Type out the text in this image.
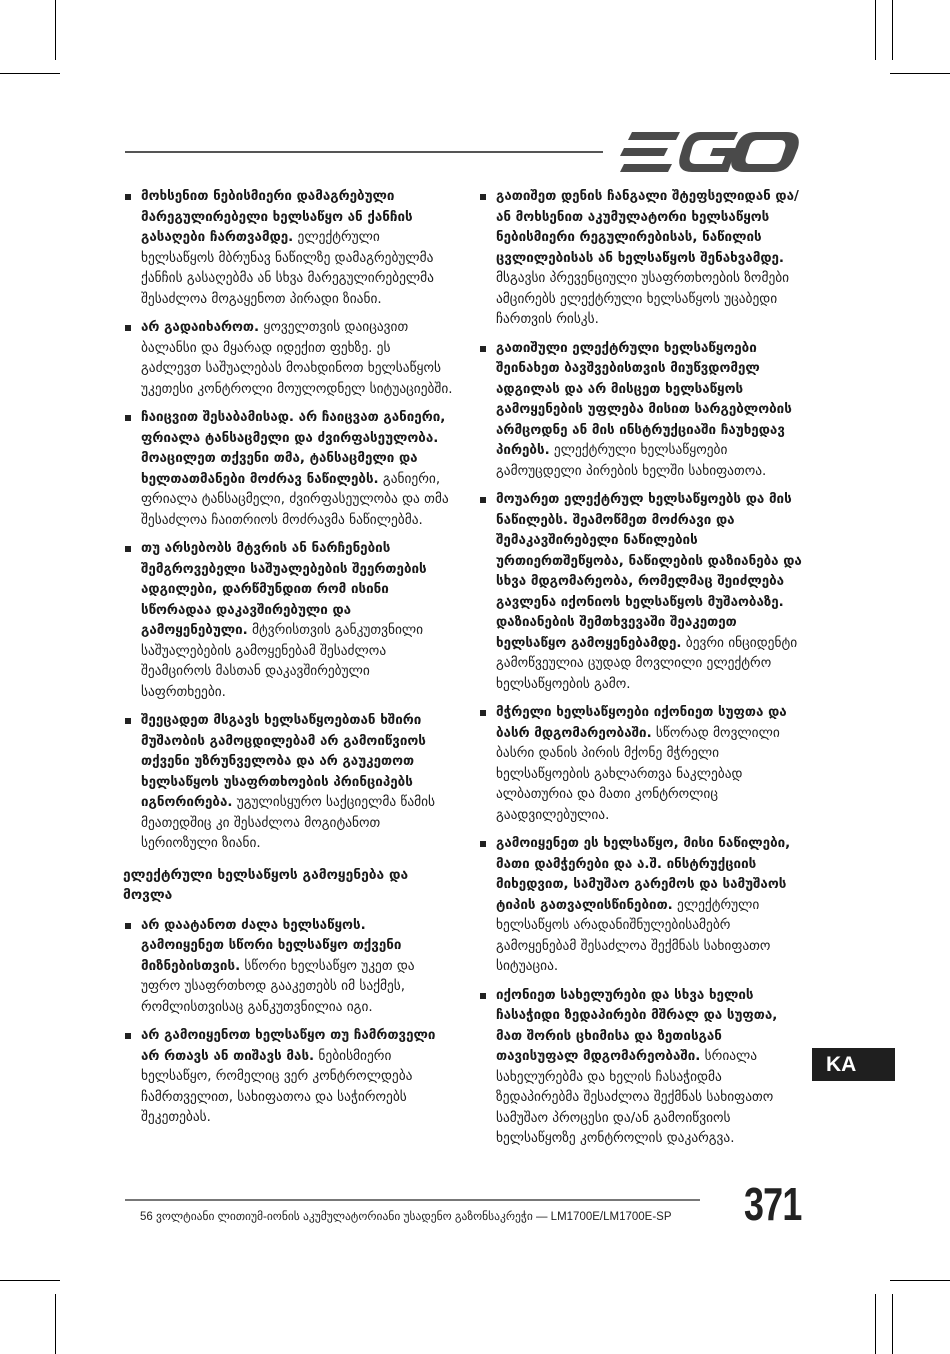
მოხსენით ნებისმიერი დამაგრებული მარეგულირებელი ხელსაწყო ან ქანჩის გასაღები ჩართვამდე. ელექტრული ხელსაწყოს მბრუნავ ნაწილზე დამაგრებულმა ქანჩის გასაღებმა ან სხვა მარეგულირებელმა შესაძლოა მოგაყენოთ პირადი ზიანი.
არ გადაიხაროთ. ყოველთვის დაიცავით ბალანსი და მყარად იდექით ფეხზე. ეს გაძლევთ საშუალებას მოახდინოთ ხელსაწყოს უკეთესი კონტროლი მოულოდნელ სიტუაციებში.
ჩაიცვით შესაბამისად. არ ჩაიცვათ განიერი, ფრიალა ტანსაცმელი და ძვირფასეულობა. მოაცილეთ თქვენი თმა, ტანსაცმელი და ხელთათმანები მოძრავ ნაწილებს. განიერი, ფრიალა ტანსაცმელი, ძვირფასეულობა და თმა შესაძლოა ჩაითრიოს მოძრავმა ნაწილებმა.
თუ არსებობს მტვრის ან ნარჩენების შემგროვებელი საშუალებების შეერთების ადგილები, დარწმუნდით რომ ისინი სწორადაა დაკავშირებული და გამოყენებული. მტვრისთვის განკუთვნილი საშუალებების გამოყენებამ შესაძლოა შეამციროს მასთან დაკავშირებული საფრთხეები.
შეეცადეთ მსგავს ხელსაწყოებთან ხშირი მუშაობის გამოცდილებამ არ გამოიწვიოს თქვენი უზრუნველობა და არ გაუკეთოთ ხელსაწყოს უსაფრთხოების პრინციპებს იგნორირება. უგულისყურო საქციელმა წამის მეათედშიც კი შესაძლოა მოგიტანოთ სერიოზული ზიანი.
ელექტრული ხელსაწყოს გამოყენება და მოვლა
არ დაატანოთ ძალა ხელსაწყოს. გამოიყენეთ სწორი ხელსაწყო თქვენი მიზნებისთვის. სწორი ხელსაწყო უკეთ და უფრო უსაფრთხოდ გააკეთებს იმ საქმეს, რომლისთვისაც განკუთვნილია იგი.
არ გამოიყენოთ ხელსაწყო თუ ჩამრთველი არ რთავს ან თიშავს მას. ნებისმიერი ხელსაწყო, რომელიც ვერ კონტროლდება ჩამრთველით, სახიფათოა და საჭიროებს შეკეთებას.
გათიშეთ დენის ჩანგალი შტეფსელიდან და/ან მოხსენით აკუმულატორი ხელსაწყოს ნებისმიერი რეგულირებისას, ნაწილის ცვლილებისას ან ხელსაწყოს შენახვამდე. მსგავსი პრევენციული უსაფრთხოების ზომები ამცირებს ელექტრული ხელსაწყოს უცაბედი ჩართვის რისკს.
გათიშული ელექტრული ხელსაწყოები შეინახეთ ბავშვებისთვის მიუწვდომელ ადგილას და არ მისცეთ ხელსაწყოს გამოყენების უფლება მისით სარგებლობის არმცოდნე ან მის ინსტრუქციაში ჩაუხედავ პირებს. ელექტრული ხელსაწყოები გამოუცდელი პირების ხელში სახიფათოა.
მოუარეთ ელექტრულ ხელსაწყოებს და მის ნაწილებს. შეამოწმეთ მოძრავი და შემაკავშირებელი ნაწილების ურთიერთშეწყობა, ნაწილების დაზიანება და სხვა მდგომარეობა, რომელმაც შეიძლება გავლენა იქონიოს ხელსაწყოს მუშაობაზე. დაზიანების შემთხვევაში შეაკეთეთ ხელსაწყო გამოყენებამდე. ბევრი ინციდენტი გამოწვეულია ცუდად მოვლილი ელექტრო ხელსაწყოების გამო.
მჭრელი ხელსაწყოები იქონიეთ სუფთა და ბასრ მდგომარეობაში. სწორად მოვლილი ბასრი დანის პირის მქონე მჭრელი ხელსაწყოების გახლართვა ნაკლებად ალბათურია და მათი კონტროლიც გაადვილებულია.
გამოიყენეთ ეს ხელსაწყო, მისი ნაწილები, მათი დამჭერები და ა.შ. ინსტრუქციის მიხედვით, სამუშაო გარემოს და სამუშაოს ტიპის გათვალისწინებით. ელექტრული ხელსაწყოს არადანიშნულებისამებრ გამოყენებამ შესაძლოა შექმნას სახიფათო სიტუაცია.
იქონიეთ სახელურები და სხვა ხელის ჩასაჭიდი ზედაპირები მშრალ და სუფთა, მათ შორის ცხიმისა და ზეთისგან თავისუფალ მდგომარეობაში. სრიალა სახელურებმა და ხელის ჩასაჭიდმა ზედაპირებმა შესაძლოა შექმნას სახიფათო სამუშაო პროცესი და/ან გამოიწვიოს ხელსაწყოზე კონტროლის დაკარგვა.
KA
56 ვოლტიანი ლითიუმ-იონის აკუმულატორიანი უსადენო გაზონსაკრეჭი — LM1700E/LM1700E-SP 371
